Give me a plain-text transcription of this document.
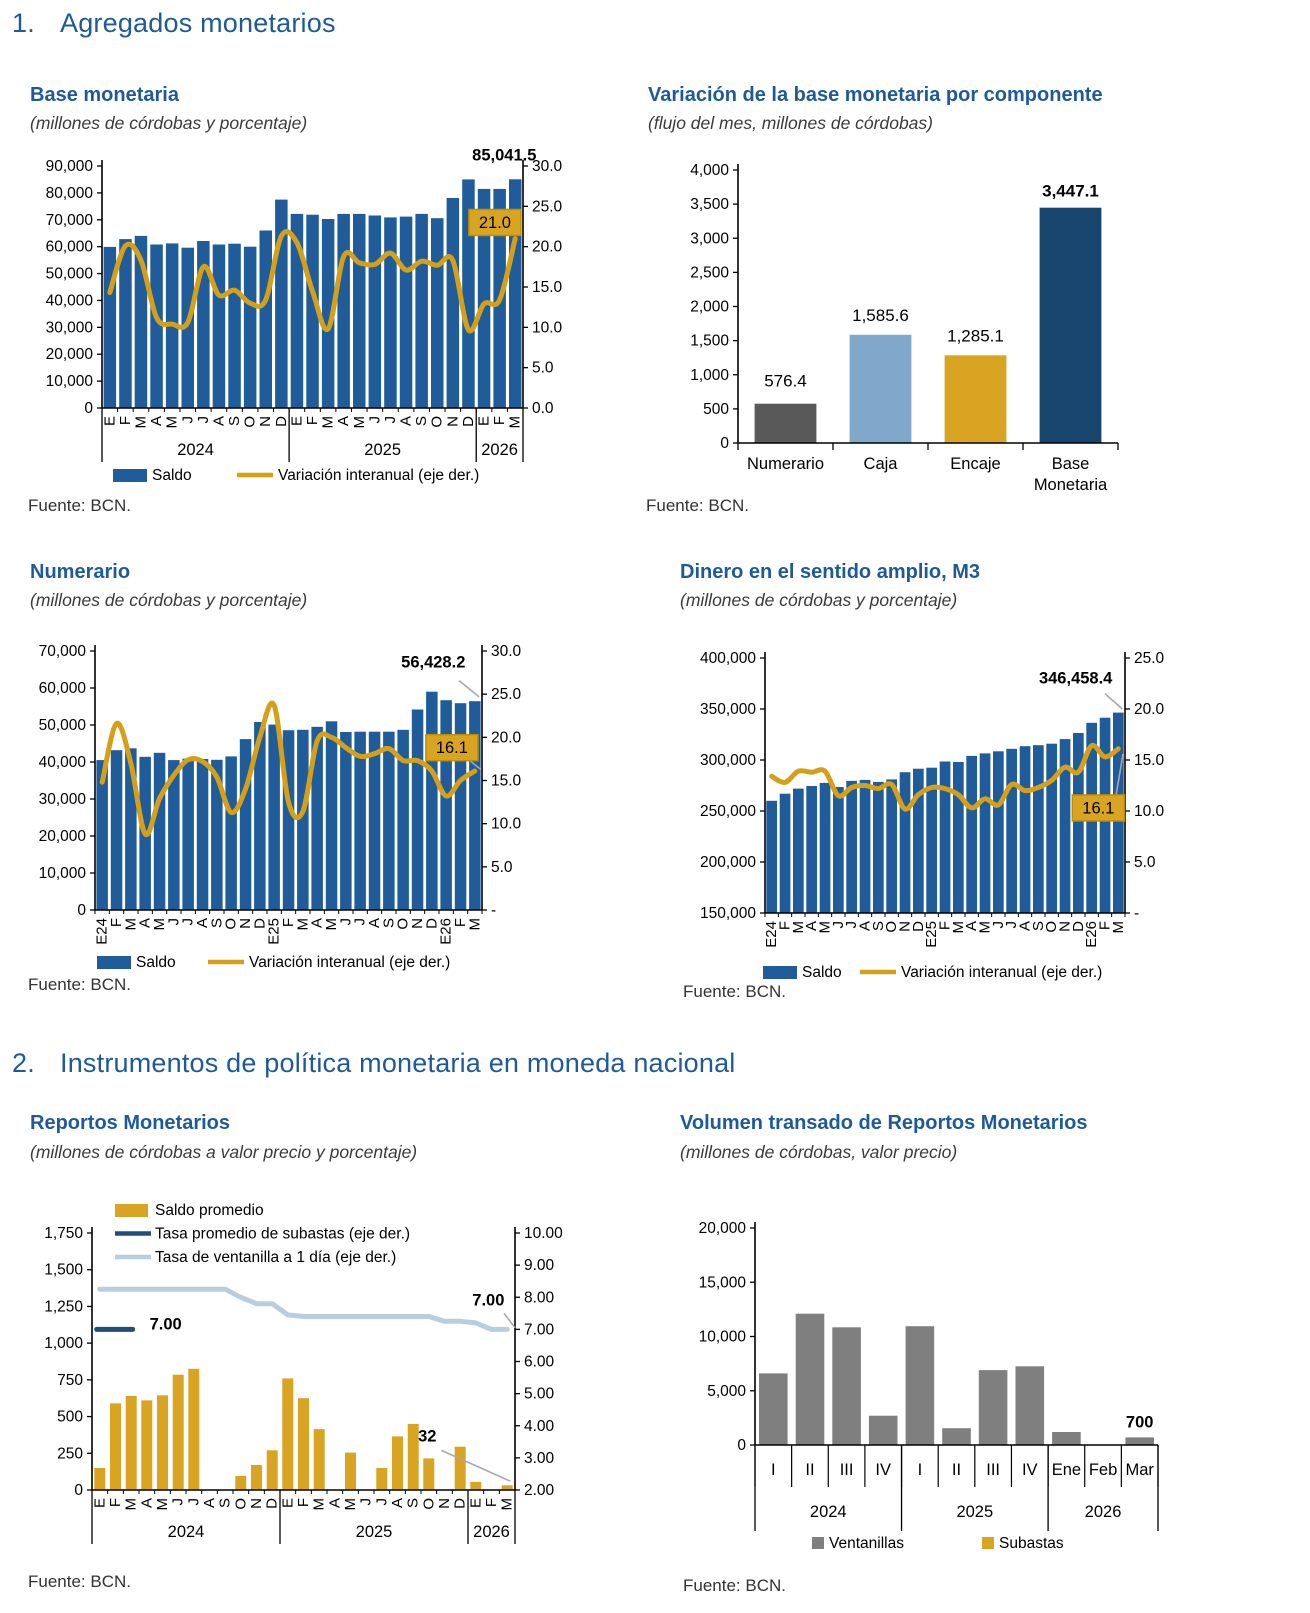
1. Agregados monetarios
Base monetaria
(millones de córdobas y porcentaje)
90,000
80,000
70,000
60,000
50,000
40,000
30,000
20,000
10,000
0
30.0
25.0
20.0
15.0
10.0
5.0
0.0
E
F
M
A
M
J
J
A
S
O
N
D
E
F
M
A
M
J
J
A
S
O
N
D
E
F
M
2024	2025	2026
Saldo	Variación interanual (eje der.)
85,041.5
21.0
Fuente: BCN.
Variación de la base monetaria por componente
(flujo del mes, millones de córdobas)
4,000
3,500
3,000
2,500
2,000
1,500
1,000
500
0
Numerario Caja	Encaje	Base
Monetaria
576.4
1,585.6
1,285.1
3,447.1
Fuente: BCN.
Numerario
(millones de córdobas y porcentaje)
70,000
60,000
50,000
40,000
30,000
20,000
10,000
0
30.0
25.0
20.0
15.0
10.0
5.0
-
E24
F
M
A
M
J
J
A
S
O
N
D
E25
F
M
A
M
J
J
A
S
O
N
D
E26
F
M
Saldo	Variación interanual (eje der.)
56,428.2
16.1
Fuente: BCN.
Dinero en el sentido amplio, M3
(millones de córdobas y porcentaje)
400,000
350,000
300,000
250,000
200,000
150,000
25.0
20.0
15.0
10.0
5.0
-
E24
F
M
A
M
J
J
A
S
O
N
D
E25
F
M
A
M
J
J
A
S
O
N
D
E26
F
M
Saldo	Variación interanual (eje der.)
346,458.4
16.1
Fuente: BCN.
2. Instrumentos de política monetaria en moneda nacional
Reportos Monetarios
(millones de córdobas a valor precio y porcentaje)
1,750
1,500
1,250
1,000
750
500
250
0
10.00
9.00
8.00
7.00
6.00
5.00
4.00
3.00
2.00
E
F
M
A
M
J
J
A
S
O
N
D
E
F
M
A
M
J
J
A
S
O
N
D
E
F
M
2024	2025	2026
Saldo promedio
Tasa promedio de subastas (eje der.)
Tasa de ventanilla a 1 día (eje der.)
7.00
7.00
32
Fuente: BCN.
Volumen transado de Reportos Monetarios
(millones de córdobas, valor precio)
20,000
15,000
10,000
5,000
0
I II III IV I II III IV Ene Feb Mar
2024	2025	2026
Ventanillas	Subastas
700
Fuente: BCN.
